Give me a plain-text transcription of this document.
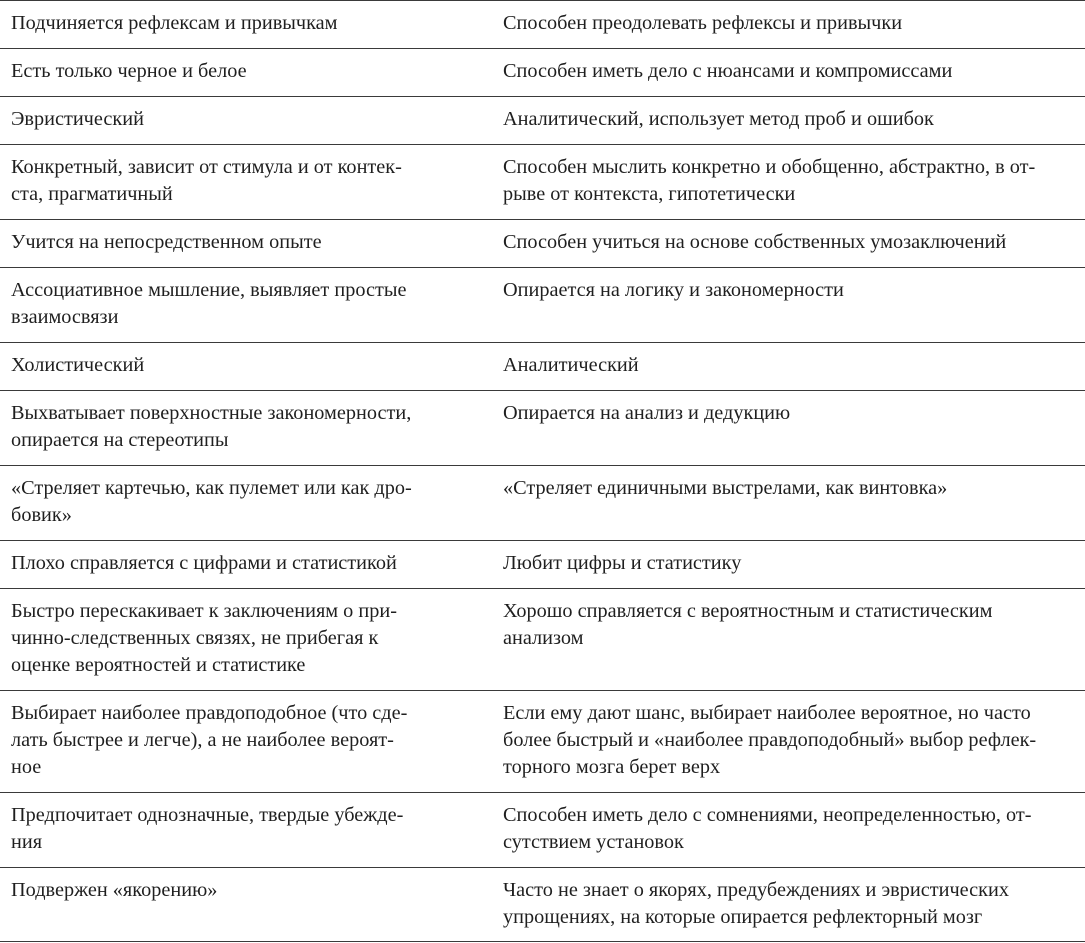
Подчиняется рефлексам и привычкам	Способен преодолевать рефлексы и привычки

Есть только черное и белое	Способен иметь дело с нюансами и компромиссами

Эвристический	Аналитический, использует метод проб и ошибок

Конкретный, зависит от стимула и от контек-
ста, прагматичный	Способен мыслить конкретно и обобщенно, абстрактно, в от-
рыве от контекста, гипотетически

Учится на непосредственном опыте	Способен учиться на основе собственных умозаключений

Ассоциативное мышление, выявляет простые
взаимосвязи	Опирается на логику и закономерности

Холистический	Аналитический

Выхватывает поверхностные закономерности,
опирается на стереотипы	Опирается на анализ и дедукцию

«Стреляет картечью, как пулемет или как дро-
бовик»	«Стреляет единичными выстрелами, как винтовка»

Плохо справляется с цифрами и статистикой	Любит цифры и статистику

Быстро перескакивает к заключениям о при-
чинно-следственных связях, не прибегая к
оценке вероятностей и статистике	Хорошо справляется с вероятностным и статистическим
анализом

Выбирает наиболее правдоподобное (что сде-
лать быстрее и легче), а не наиболее вероят-
ное	Если ему дают шанс, выбирает наиболее вероятное, но часто
более быстрый и «наиболее правдоподобный» выбор рефлек-
торного мозга берет верх

Предпочитает однозначные, твердые убежде-
ния	Способен иметь дело с сомнениями, неопределенностью, от-
сутствием установок

Подвержен «якорению»	Часто не знает о якорях, предубеждениях и эвристических
упрощениях, на которые опирается рефлекторный мозг
